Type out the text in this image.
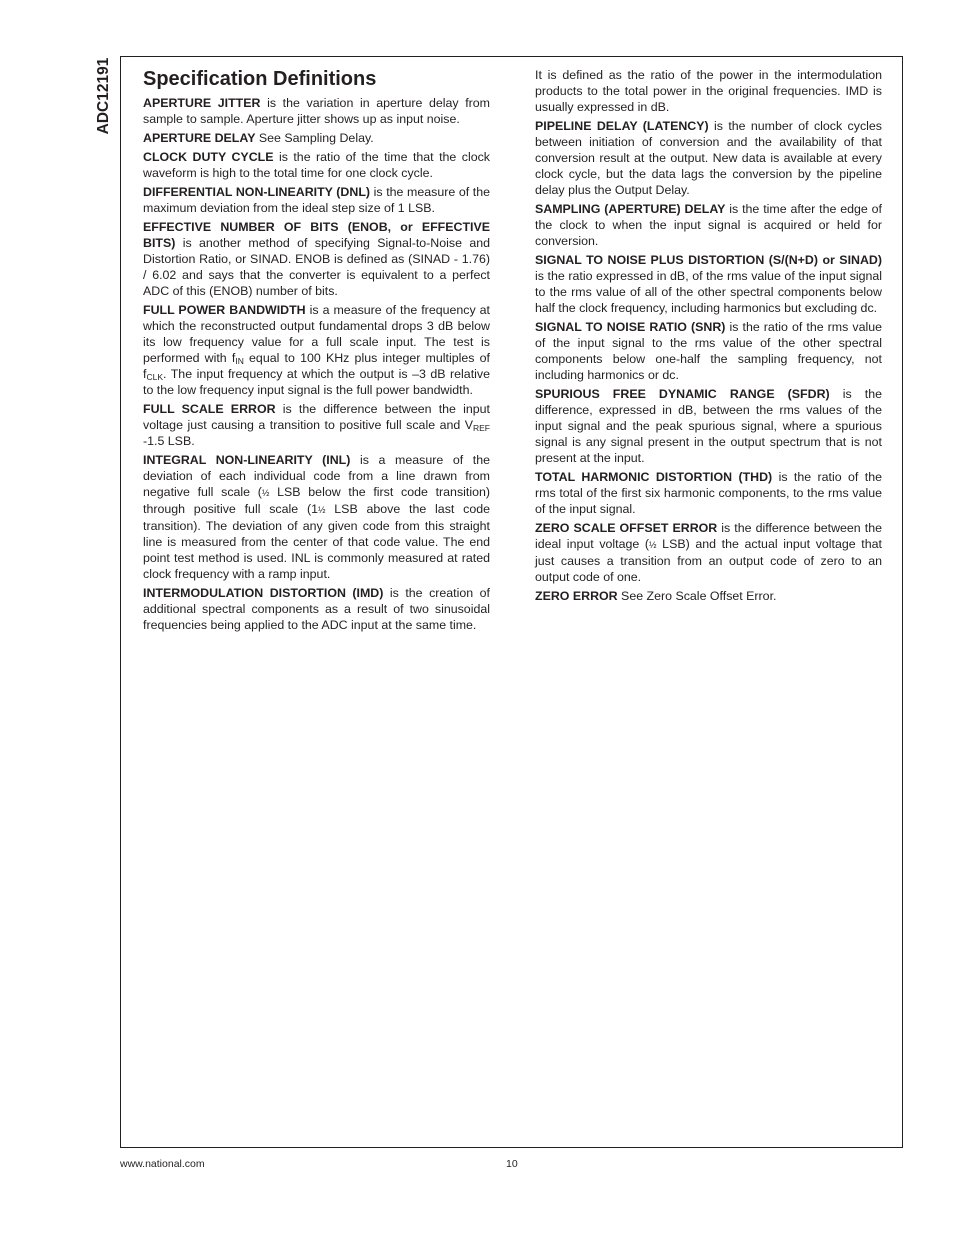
ADC12191 Specification Definitions

APERTURE JITTER is the variation in aperture delay from sample to sample. Aperture jitter shows up as input noise.

APERTURE DELAY See Sampling Delay.

CLOCK DUTY CYCLE is the ratio of the time that the clock waveform is high to the total time for one clock cycle.

DIFFERENTIAL NON-LINEARITY (DNL) is the measure of the maximum deviation from the ideal step size of 1 LSB.

EFFECTIVE NUMBER OF BITS (ENOB, or EFFECTIVE BITS) is another method of specifying Signal-to-Noise and Distortion Ratio, or SINAD. ENOB is defined as (SINAD - 1.76) / 6.02 and says that the converter is equivalent to a perfect ADC of this (ENOB) number of bits.

FULL POWER BANDWIDTH is a measure of the frequency at which the reconstructed output fundamental drops 3 dB below its low frequency value for a full scale input. The test is performed with $f_{IN}$ equal to 100 KHz plus integer multiples of $f_{CLK}$. The input frequency at which the output is –3 dB relative to the low frequency input signal is the full power bandwidth.

FULL SCALE ERROR is the difference between the input voltage just causing a transition to positive full scale and $V_{REF}$ -1.5 LSB.

INTEGRAL NON-LINEARITY (INL) is a measure of the deviation of each individual code from a line drawn from negative full scale (½ LSB below the first code transition) through positive full scale (1½ LSB above the last code transition). The deviation of any given code from this straight line is measured from the center of that code value. The end point test method is used. INL is commonly measured at rated clock frequency with a ramp input.

INTERMODULATION DISTORTION (IMD) is the creation of additional spectral components as a result of two sinusoidal frequencies being applied to the ADC input at the same time.

It is defined as the ratio of the power in the intermodulation products to the total power in the original frequencies. IMD is usually expressed in dB.

PIPELINE DELAY (LATENCY) is the number of clock cycles between initiation of conversion and the availability of that conversion result at the output. New data is available at every clock cycle, but the data lags the conversion by the pipeline delay plus the Output Delay.

SAMPLING (APERTURE) DELAY is the time after the edge of the clock to when the input signal is acquired or held for conversion.

SIGNAL TO NOISE PLUS DISTORTION (S/(N+D) or SINAD) is the ratio expressed in dB, of the rms value of the input signal to the rms value of all of the other spectral components below half the clock frequency, including harmonics but excluding dc.

SIGNAL TO NOISE RATIO (SNR) is the ratio of the rms value of the input signal to the rms value of the other spectral components below one-half the sampling frequency, not including harmonics or dc.

SPURIOUS FREE DYNAMIC RANGE (SFDR) is the difference, expressed in dB, between the rms values of the input signal and the peak spurious signal, where a spurious signal is any signal present in the output spectrum that is not present at the input.

TOTAL HARMONIC DISTORTION (THD) is the ratio of the rms total of the first six harmonic components, to the rms value of the input signal.

ZERO SCALE OFFSET ERROR is the difference between the ideal input voltage (½ LSB) and the actual input voltage that just causes a transition from an output code of zero to an output code of one.

ZERO ERROR See Zero Scale Offset Error.

www.national.com	10
